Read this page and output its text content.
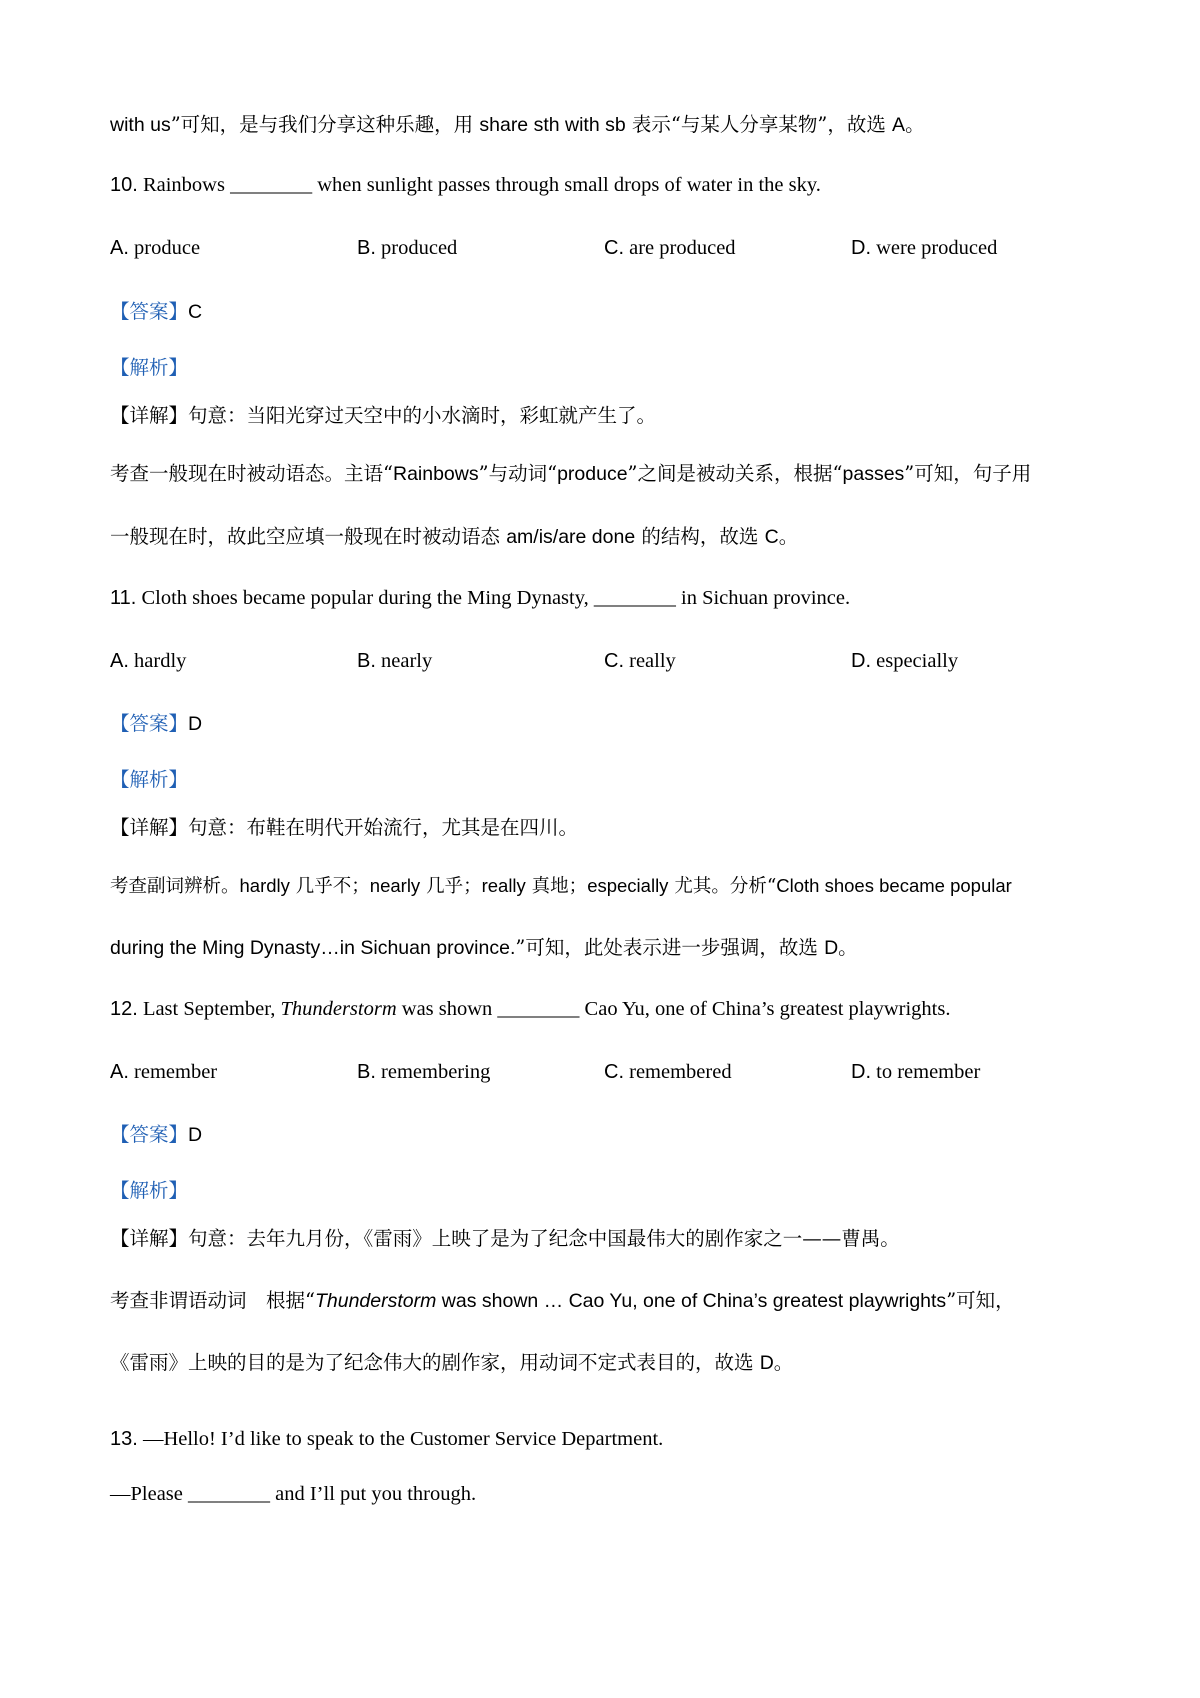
with us”可知，是与我们分享这种乐趣，用 share sth with sb 表示“与某人分享某物”，故选 A。
10. Rainbows ________ when sunlight passes through small drops of water in the sky.
A. produce	B. produced	C. are produced	D. were produced
【答案】C
【解析】
【详解】句意：当阳光穿过天空中的小水滴时，彩虹就产生了。
考查一般现在时被动语态。主语“Rainbows”与动词“produce”之间是被动关系，根据“passes”可知，句子用
一般现在时，故此空应填一般现在时被动语态 am/is/are done 的结构，故选 C。
11. Cloth shoes became popular during the Ming Dynasty, ________ in Sichuan province.
A. hardly	B. nearly	C. really	D. especially
【答案】D
【解析】
【详解】句意：布鞋在明代开始流行，尤其是在四川。
考查副词辨析。hardly 几乎不；nearly 几乎；really 真地；especially 尤其。分析“Cloth shoes became popular
during the Ming Dynasty…in Sichuan province.”可知，此处表示进一步强调，故选 D。
12. Last September, Thunderstorm was shown ________ Cao Yu, one of China’s greatest playwrights.
A. remember	B. remembering	C. remembered	D. to remember
【答案】D
【解析】
【详解】句意：去年九月份，《雷雨》上映了是为了纪念中国最伟大的剧作家之一——曹禺。
考查非谓语动词　根据“Thunderstorm was shown … Cao Yu, one of China’s greatest playwrights”可知，
《雷雨》上映的目的是为了纪念伟大的剧作家，用动词不定式表目的，故选 D。
13. —Hello! I’d like to speak to the Customer Service Department.
—Please ________ and I’ll put you through.
